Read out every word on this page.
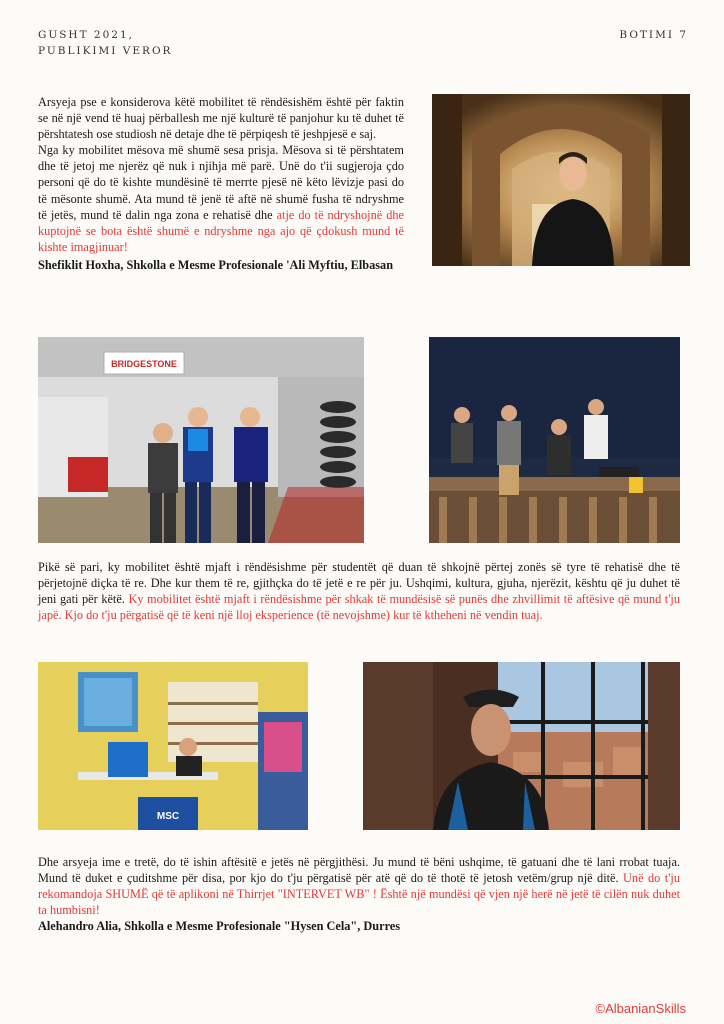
GUSHT 2021,
PUBLIKIMI VEROR
BOTIMI 7
Arsyeja pse e konsiderova këtë mobilitet të rëndësishëm është për faktin se në një vend të huaj përballesh me një kulturë të panjohur ku të duhet të përshtatesh ose studiosh në detaje dhe të përpiqesh të jeshpjesë e saj.
Nga ky mobilitet mësova më shumë sesa prisja. Mësova si të përshtatem dhe të jetoj me njerëz që nuk i njihja më parë. Unë do t'ii sugjeroja çdo personi që do të kishte mundësinë të merrte pjesë në këto lëvizje pasi do të mësonte shumë. Ata mund të jenë të aftë në shumë fusha të ndryshme të jetës, mund të dalin nga zona e rehatisë dhe atje do të ndryshojnë dhe kuptojnë se bota është shumë e ndryshme nga ajo që çdokush mund të kishte imagjinuar!
Shefiklit Hoxha, Shkolla e Mesme Profesionale 'Ali Myftiu, Elbasan
BRIDGESTONE
Pikë së pari, ky mobilitet është mjaft i rëndësishme për studentët që duan të shkojnë përtej zonës së tyre të rehatisë dhe të përjetojnë diçka të re. Dhe kur them të re, gjithçka do të jetë e re për ju. Ushqimi, kultura, gjuha, njerëzit, kështu që ju duhet të jeni gati për këtë. Ky mobilitet është mjaft i rëndësishme për shkak të mundësisë së punës dhe zhvillimit të aftësive që mund t'ju japë. Kjo do t'ju përgatisë që të keni një lloj eksperience (të nevojshme) kur të ktheheni në vendin tuaj.
MSC
Dhe arsyeja ime e tretë, do të ishin aftësitë e jetës në përgjithësi. Ju mund të bëni ushqime, të gatuani dhe të lani rrobat tuaja. Mund të duket e çuditshme për disa, por kjo do t'ju përgatisë për atë që do të thotë të jetosh vetëm/grup një ditë. Unë do t'ju rekomandoja SHUMË që të aplikoni në Thirrjet "INTERVET WB" ! Është një mundësi që vjen një herë në jetë të cilën nuk duhet ta humbisni!
Alehandro Alia, Shkolla e Mesme Profesionale "Hysen Cela", Durres
©AlbanianSkills
